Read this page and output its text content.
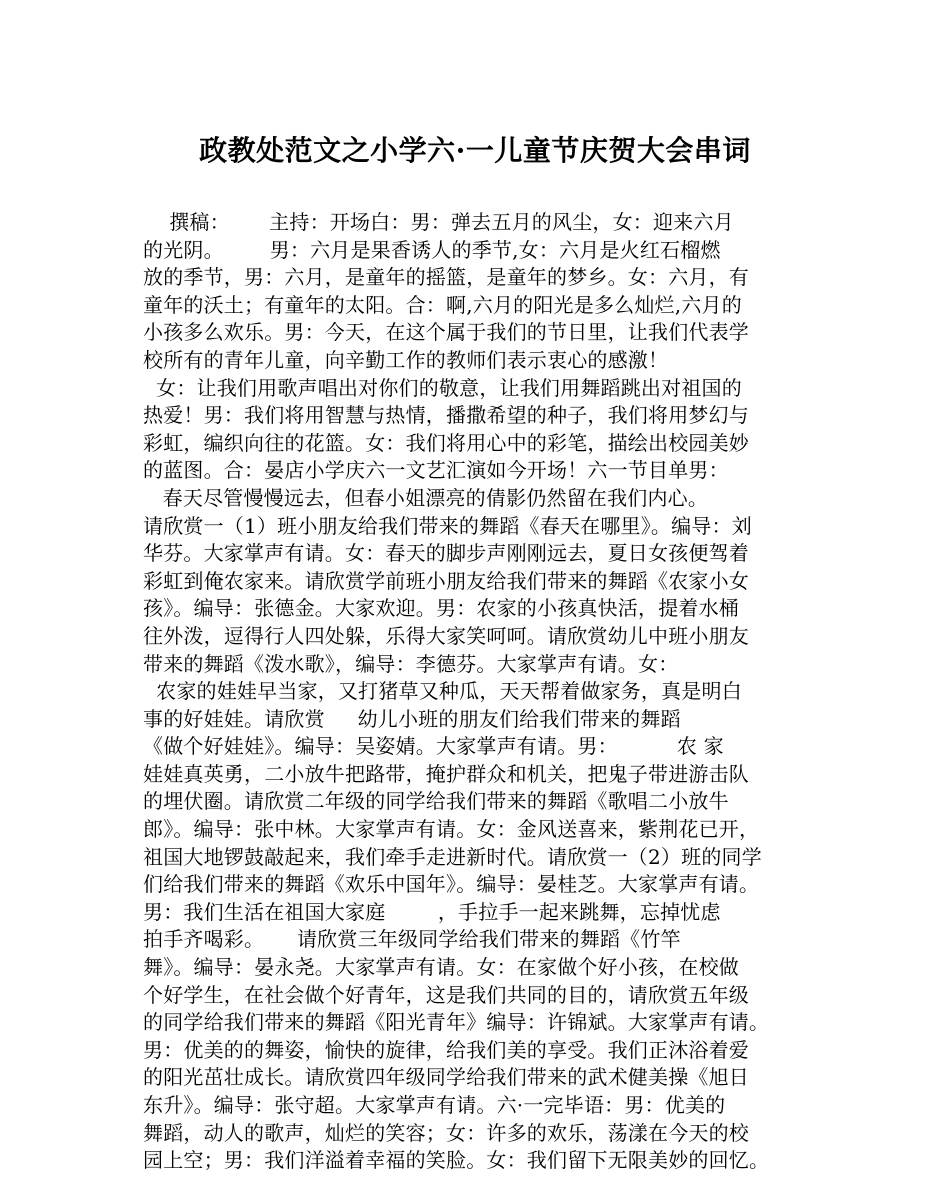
政教处范文之小学六·一儿童节庆贺大会串词
撰稿：      主持：开场白：男：弹去五月的风尘，女：迎来六月
的光阴。       男：六月是果香诱人的季节,女：六月是火红石榴燃
放的季节，男：六月，是童年的摇篮，是童年的梦乡。女：六月，有
童年的沃土；有童年的太阳。合：啊,六月的阳光是多么灿烂,六月的
小孩多么欢乐。男：今天，在这个属于我们的节日里，让我们代表学
校所有的青年儿童，向辛勤工作的教师们表示衷心的感激！
女：让我们用歌声唱出对你们的敬意，让我们用舞蹈跳出对祖国的
热爱！男：我们将用智慧与热情，播撒希望的种子，我们将用梦幻与
彩虹，编织向往的花篮。女：我们将用心中的彩笔，描绘出校园美妙
的蓝图。合：晏店小学庆六一文艺汇演如今开场！六一节目单男：
春天尽管慢慢远去，但春小姐漂亮的倩影仍然留在我们内心。
请欣赏一（1）班小朋友给我们带来的舞蹈《春天在哪里》。编导：刘
华芬。大家掌声有请。女：春天的脚步声刚刚远去，夏日女孩便驾着
彩虹到俺农家来。请欣赏学前班小朋友给我们带来的舞蹈《农家小女
孩》。编导：张德金。大家欢迎。男：农家的小孩真快活，提着水桶
往外泼，逗得行人四处躲，乐得大家笑呵呵。请欣赏幼儿中班小朋友
带来的舞蹈《泼水歌》，编导：李德芬。大家掌声有请。女：
农家的娃娃早当家，又打猪草又种瓜，天天帮着做家务，真是明白
事的好娃娃。请欣赏     幼儿小班的朋友们给我们带来的舞蹈
《做个好娃娃》。编导：吴姿婧。大家掌声有请。男：         农 家
娃娃真英勇，二小放牛把路带，掩护群众和机关，把鬼子带进游击队
的埋伏圈。请欣赏二年级的同学给我们带来的舞蹈《歌唱二小放牛
郎》。编导：张中林。大家掌声有请。女：金风送喜来，紫荆花已开，
祖国大地锣鼓敲起来，我们牵手走进新时代。请欣赏一（2）班的同学
们给我们带来的舞蹈《欢乐中国年》。编导：晏桂芝。大家掌声有请。
男：我们生活在祖国大家庭        ，手拉手一起来跳舞，忘掉忧虑
拍手齐喝彩。     请欣赏三年级同学给我们带来的舞蹈《竹竿
舞》。编导：晏永尧。大家掌声有请。女：在家做个好小孩，在校做
个好学生，在社会做个好青年，这是我们共同的目的，请欣赏五年级
的同学给我们带来的舞蹈《阳光青年》编导：许锦斌。大家掌声有请。
男：优美的的舞姿，愉快的旋律，给我们美的享受。我们正沐浴着爱
的阳光茁壮成长。请欣赏四年级同学给我们带来的武术健美操《旭日
东升》。编导：张守超。大家掌声有请。六·一完毕语：男：优美的
舞蹈，动人的歌声，灿烂的笑容；女：许多的欢乐，荡漾在今天的校
园上空；男：我们洋溢着幸福的笑脸。女：我们留下无限美妙的回忆。
